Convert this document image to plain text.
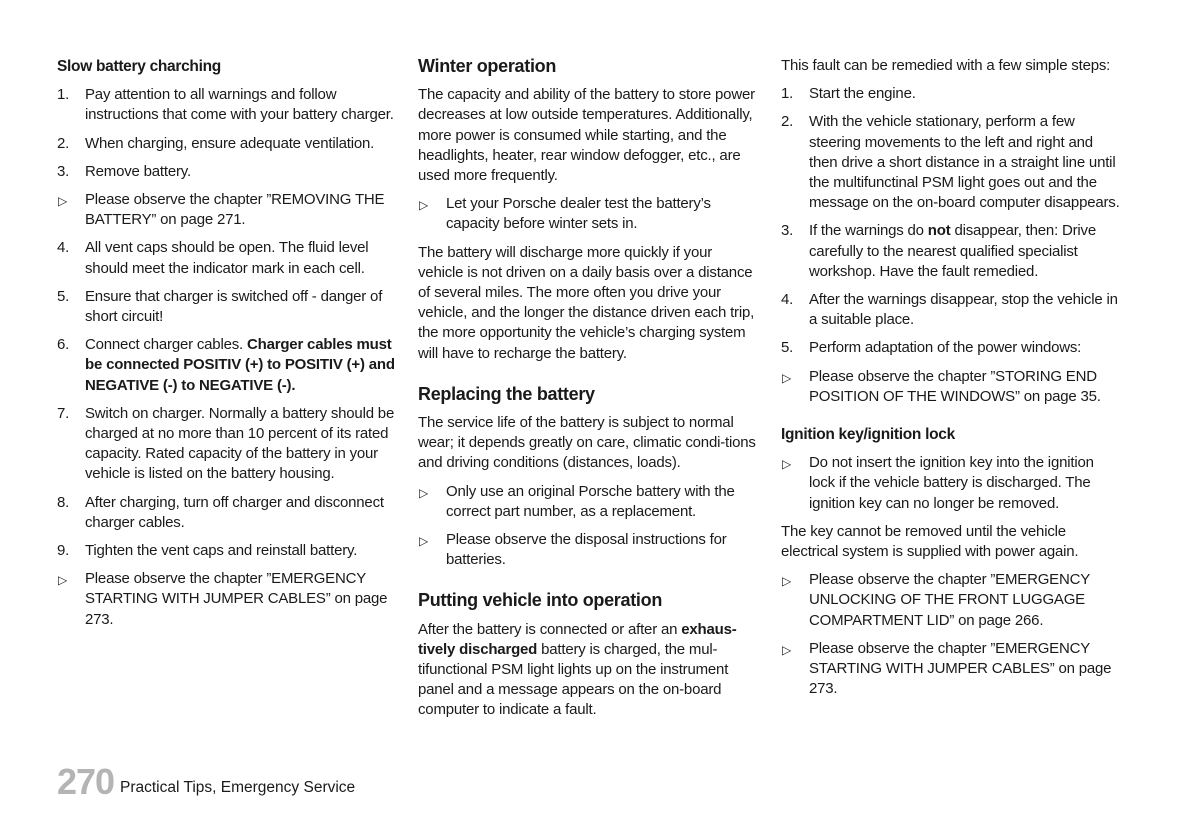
Slow battery charching
1.	Pay attention to all warnings and follow instructions that come with your battery charger.
2.	When charging, ensure adequate ventilation.
3.	Remove battery.
▷	Please observe the chapter ”REMOVING THE BATTERY” on page 271.
4.	All vent caps should be open. The fluid level should meet the indicator mark in each cell.
5.	Ensure that charger is switched off - danger of short circuit!
6.	Connect charger cables. Charger cables must be connected POSITIV (+) to POSITIV (+) and NEGATIVE (-) to NEGATIVE (-).
7.	Switch on charger. Normally a battery should be charged at no more than 10 percent of its rated capacity. Rated capacity of the battery in your vehicle is listed on the battery housing.
8.	After charging, turn off charger and disconnect charger cables.
9.	Tighten the vent caps and reinstall battery.
▷	Please observe the chapter ”EMERGENCY STARTING WITH JUMPER CABLES” on page 273.
Winter operation

The capacity and ability of the battery to store power decreases at low outside temperatures. Additionally, more power is consumed while starting, and the headlights, heater, rear window defogger, etc., are used more frequently.

▷	Let your Porsche dealer test the battery’s capacity before winter sets in.

The battery will discharge more quickly if your vehicle is not driven on a daily basis over a distance of several miles. The more often you drive your vehicle, and the longer the distance driven each trip, the more opportunity the vehicle’s charging system will have to recharge the battery.

Replacing the battery

The service life of the battery is subject to normal wear; it depends greatly on care, climatic condi-tions and driving conditions (distances, loads).

▷	Only use an original Porsche battery with the correct part number, as a replacement.
▷	Please observe the disposal instructions for batteries.
Putting vehicle into operation

After the battery is connected or after an exhaus-tively discharged battery is charged, the mul-tifunctional PSM light lights up on the instrument panel and a message appears on the on-board computer to indicate a fault.

This fault can be remedied with a few simple steps:

1.	Start the engine.
2.	With the vehicle stationary, perform a few steering movements to the left and right and then drive a short distance in a straight line until the multifunctinal PSM light goes out and the message on the on-board computer disappears.
3.	If the warnings do not disappear, then: Drive carefully to the nearest qualified specialist workshop. Have the fault remedied.
4.	After the warnings disappear, stop the vehicle in a suitable place.
5.	Perform adaptation of the power windows:
▷	Please observe the chapter ”STORING END POSITION OF THE WINDOWS” on page 35.
Ignition key/ignition lock
▷	Do not insert the ignition key into the ignition lock if the vehicle battery is discharged. The ignition key can no longer be removed.

The key cannot be removed until the vehicle electrical system is supplied with power again.

▷	Please observe the chapter ”EMERGENCY UNLOCKING OF THE FRONT LUGGAGE COMPARTMENT LID” on page 266.
▷	Please observe the chapter ”EMERGENCY STARTING WITH JUMPER CABLES” on page 273.
270 Practical Tips, Emergency Service
